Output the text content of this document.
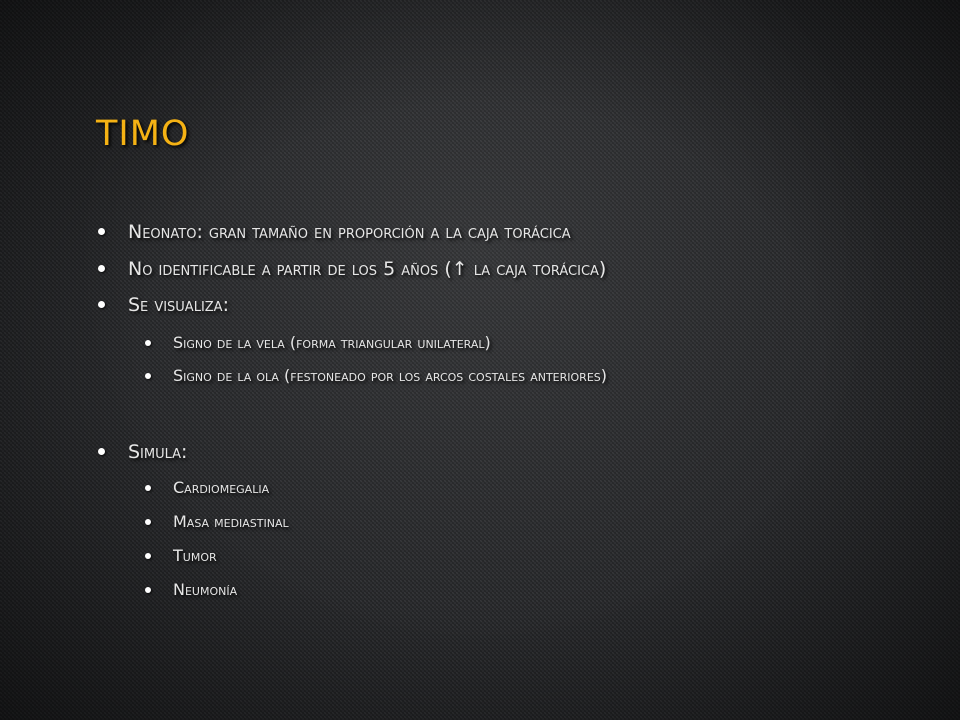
TIMO
Neonato: gran tamaño en proporción a la caja torácica
No identificable a partir de los 5 años (↑ la caja torácica)
Se visualiza:
Signo de la vela (forma triangular unilateral)
Signo de la ola (festoneado por los arcos costales anteriores)
Simula:
Cardiomegalia
Masa mediastinal
Tumor
Neumonía
